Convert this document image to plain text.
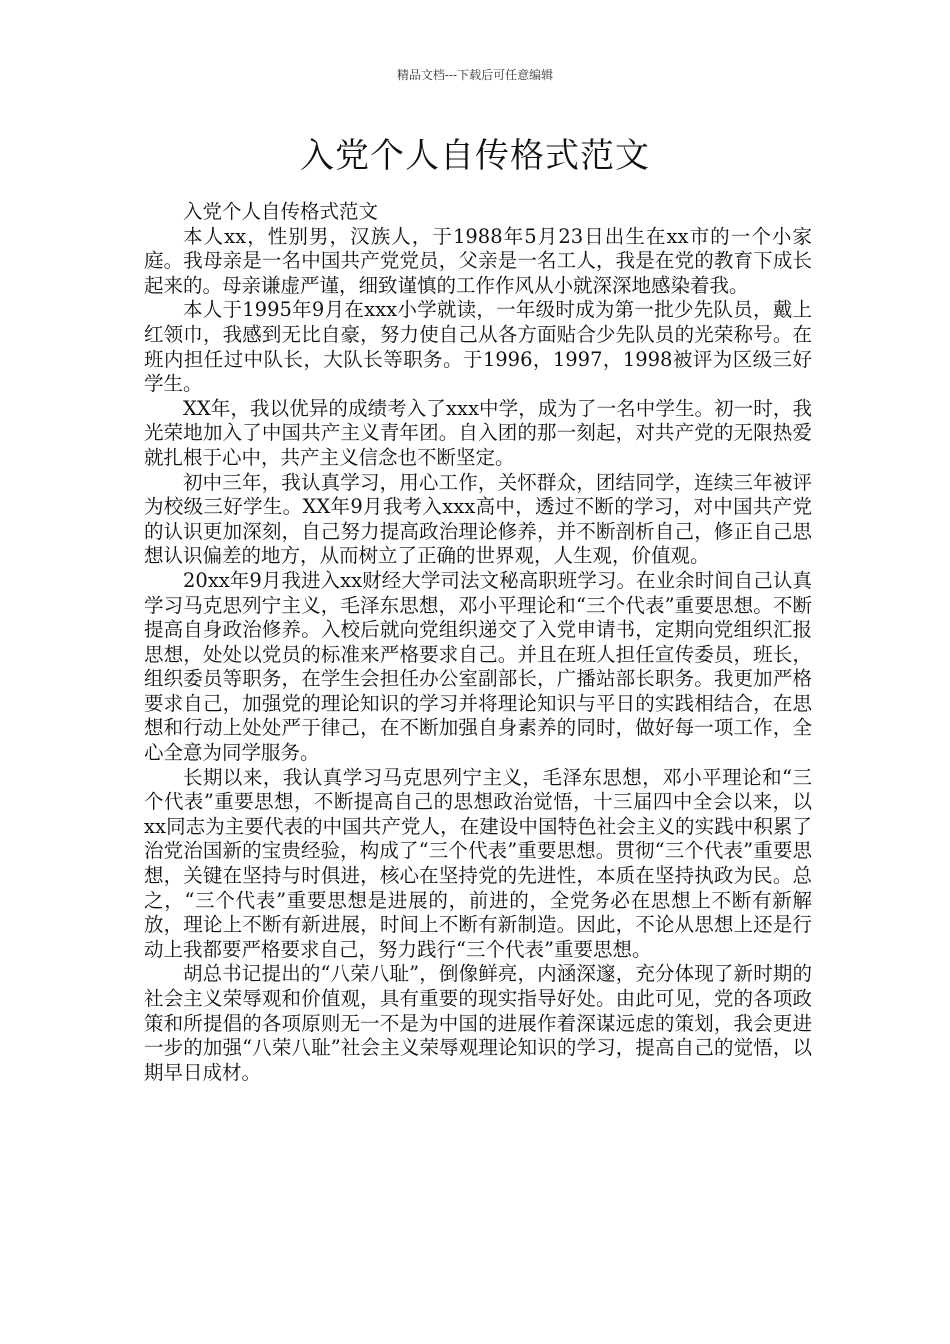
精品文档---下载后可任意编辑
入党个人自传格式范文

入党个人自传格式范文

本人xx，性别男，汉族人，于1988年5月23日出生在xx市的一个小家庭。我母亲是一名中国共产党党员，父亲是一名工人，我是在党的教育下成长起来的。母亲谦虚严谨，细致谨慎的工作作风从小就深深地感染着我。

本人于1995年9月在xxx小学就读，一年级时成为第一批少先队员，戴上红领巾，我感到无比自豪，努力使自己从各方面贴合少先队员的光荣称号。在班内担任过中队长，大队长等职务。于1996，1997，1998被评为区级三好学生。

XX年，我以优异的成绩考入了xxx中学，成为了一名中学生。初一时，我光荣地加入了中国共产主义青年团。自入团的那一刻起，对共产党的无限热爱就扎根于心中，共产主义信念也不断坚定。

初中三年，我认真学习，用心工作，关怀群众，团结同学，连续三年被评为校级三好学生。XX年9月我考入xxx高中，透过不断的学习，对中国共产党的认识更加深刻，自己努力提高政治理论修养，并不断剖析自己，修正自己思想认识偏差的地方，从而树立了正确的世界观，人生观，价值观。

20xx年9月我进入xx财经大学司法文秘高职班学习。在业余时间自己认真学习马克思列宁主义，毛泽东思想，邓小平理论和“三个代表”重要思想。不断提高自身政治修养。入校后就向党组织递交了入党申请书，定期向党组织汇报思想，处处以党员的标准来严格要求自己。并且在班人担任宣传委员，班长，组织委员等职务，在学生会担任办公室副部长，广播站部长职务。我更加严格要求自己，加强党的理论知识的学习并将理论知识与平日的实践相结合，在思想和行动上处处严于律己，在不断加强自身素养的同时，做好每一项工作，全心全意为同学服务。

长期以来，我认真学习马克思列宁主义，毛泽东思想，邓小平理论和“三个代表”重要思想，不断提高自己的思想政治觉悟，十三届四中全会以来，以xx同志为主要代表的中国共产党人，在建设中国特色社会主义的实践中积累了治党治国新的宝贵经验，构成了“三个代表”重要思想。贯彻“三个代表”重要思想，关键在坚持与时俱进，核心在坚持党的先进性，本质在坚持执政为民。总之，“三个代表”重要思想是进展的，前进的，全党务必在思想上不断有新解放，理论上不断有新进展，时间上不断有新制造。因此，不论从思想上还是行动上我都要严格要求自己，努力践行“三个代表”重要思想。

胡总书记提出的“八荣八耻”，倒像鲜亮，内涵深邃，充分体现了新时期的社会主义荣辱观和价值观，具有重要的现实指导好处。由此可见，党的各项政策和所提倡的各项原则无一不是为中国的进展作着深谋远虑的策划，我会更进一步的加强“八荣八耻”社会主义荣辱观理论知识的学习，提高自己的觉悟，以期早日成材。
